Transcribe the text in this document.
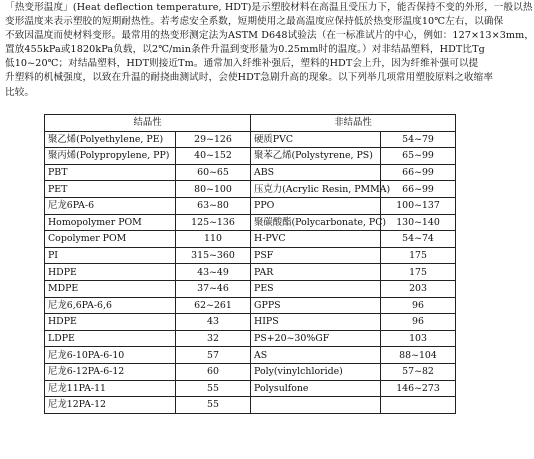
「热变形温度」(Heat deflection temperature, HDT)是示塑胶材料在高温且受压力下，能否保持不变的外形，一般以热
变形温度来表示塑胶的短期耐热性。若考虑安全系数，短期使用之最高温度应保持低於热变形温度10℃左右，以确保
不致因温度而使材料变形。最常用的热变形测定法为ASTM D648试验法（在一标准试片的中心，例如：127×13×3mm，
置放455kPa或1820kPa负载，以2℃/min条件升温到变形量为0.25mm时的温度。）对非结晶塑料，HDT比Tg
低10~20℃；对结晶塑料，HDT则接近Tm。通常加入纤维补强后，塑料的HDT会上升，因为纤维补强可以提
升塑料的机械强度，以致在升温的耐挠曲测试时，会使HDT急剧升高的现象。以下列举几项常用塑胶原料之收缩率
比较。
结晶性		非结晶性	
聚乙烯(Polyethylene, PE)	29~126	硬质PVC	54~79
聚丙烯(Polypropylene, PP)	40~152	聚苯乙烯(Polystyrene, PS)	65~99
PBT	60~65	ABS	66~99
PET	80~100	压克力(Acrylic Resin, PMMA)	66~99
尼龙6PA-6	63~80	PPO	100~137
Homopolymer POM	125~136	聚碳酸酯(Polycarbonate, PC)	130~140
Copolymer POM	110	H-PVC	54~74
PI	315~360	PSF	175
HDPE	43~49	PAR	175
MDPE	37~46	PES	203
尼龙6,6PA-6,6	62~261	GPPS	96
HDPE	43	HIPS	96
LDPE	32	PS+20~30%GF	103
尼龙6-10PA-6-10	57	AS	88~104
尼龙6-12PA-6-12	60	Poly(vinylchloride)	57~82
尼龙11PA-11	55	Polysulfone	146~273
尼龙12PA-12	55		
